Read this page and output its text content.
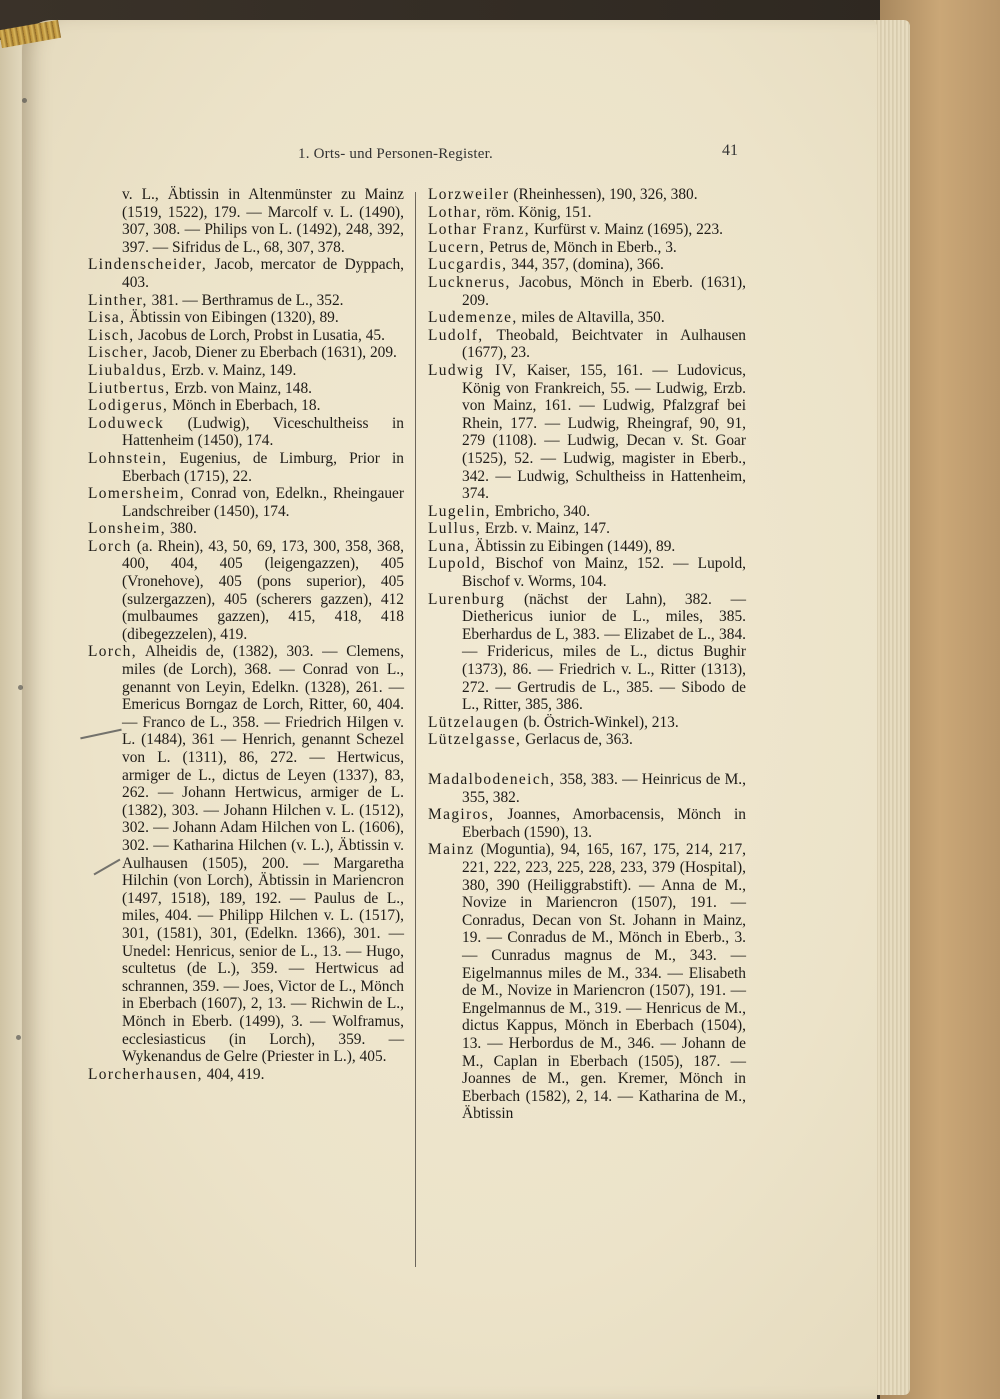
1. Orts- und Personen-Register.	41

v. L., Äbtissin in Altenmünster zu Mainz (1519, 1522), 179. — Marcolf v. L. (1490), 307, 308. — Philips von L. (1492), 248, 392, 397. — Sifridus de L., 68, 307, 378.

Lindenscheider, Jacob, mercator de Dyppach, 403.

Linther, 381. — Berthramus de L., 352.

Lisa, Äbtissin von Eibingen (1320), 89.

Lisch, Jacobus de Lorch, Probst in Lusatia, 45.

Lischer, Jacob, Diener zu Eberbach (1631), 209.

Liubaldus, Erzb. v. Mainz, 149.

Liutbertus, Erzb. von Mainz, 148.

Lodigerus, Mönch in Eberbach, 18.

Loduweck (Ludwig), Viceschultheiss in Hattenheim (1450), 174.

Lohnstein, Eugenius, de Limburg, Prior in Eberbach (1715), 22.

Lomersheim, Conrad von, Edelkn., Rheingauer Landschreiber (1450), 174.

Lonsheim, 380.

Lorch (a. Rhein), 43, 50, 69, 173, 300, 358, 368, 400, 404, 405 (leigengazzen), 405 (Vronehove), 405 (pons superior), 405 (sulzergazzen), 405 (scherers gazzen), 412 (mulbaumes gazzen), 415, 418, 418 (dibegezzelen), 419.

Lorch, Alheidis de, (1382), 303. — Clemens, miles (de Lorch), 368. — Conrad von L., genannt von Leyin, Edelkn. (1328), 261. — Emericus Borngaz de Lorch, Ritter, 60, 404. — Franco de L., 358. — Friedrich Hilgen v. L. (1484), 361 — Henrich, genannt Schezel von L. (1311), 86, 272. — Hertwicus, armiger de L., dictus de Leyen (1337), 83, 262. — Johann Hertwicus, armiger de L. (1382), 303. — Johann Hilchen v. L. (1512), 302. — Johann Adam Hilchen von L. (1606), 302. — Katharina Hilchen (v. L.), Äbtissin v. Aulhausen (1505), 200. — Margaretha Hilchin (von Lorch), Äbtissin in Mariencron (1497, 1518), 189, 192. — Paulus de L., miles, 404. — Philipp Hilchen v. L. (1517), 301, (1581), 301, (Edelkn. 1366), 301. — Unedel: Henricus, senior de L., 13. — Hugo, scultetus (de L.), 359. — Hertwicus ad schrannen, 359. — Joes, Victor de L., Mönch in Eberbach (1607), 2, 13. — Richwin de L., Mönch in Eberb. (1499), 3. — Wolframus, ecclesiasticus (in Lorch), 359. — Wykenandus de Gelre (Priester in L.), 405.

Lorcherhausen, 404, 419.

Lorzweiler (Rheinhessen), 190, 326, 380.

Lothar, röm. König, 151.

Lothar Franz, Kurfürst v. Mainz (1695), 223.

Lucern, Petrus de, Mönch in Eberb., 3.

Lucgardis, 344, 357, (domina), 366.

Lucknerus, Jacobus, Mönch in Eberb. (1631), 209.

Ludemenze, miles de Altavilla, 350.

Ludolf, Theobald, Beichtvater in Aulhausen (1677), 23.

Ludwig IV, Kaiser, 155, 161. — Ludovicus, König von Frankreich, 55. — Ludwig, Erzb. von Mainz, 161. — Ludwig, Pfalzgraf bei Rhein, 177. — Ludwig, Rheingraf, 90, 91, 279 (1108). — Ludwig, Decan v. St. Goar (1525), 52. — Ludwig, magister in Eberb., 342. — Ludwig, Schultheiss in Hattenheim, 374.

Lugelin, Embricho, 340.

Lullus, Erzb. v. Mainz, 147.

Luna, Äbtissin zu Eibingen (1449), 89.

Lupold, Bischof von Mainz, 152. — Lupold, Bischof v. Worms, 104.

Lurenburg (nächst der Lahn), 382. — Diethericus iunior de L., miles, 385. Eberhardus de L, 383. — Elizabet de L., 384. — Fridericus, miles de L., dictus Bughir (1373), 86. — Friedrich v. L., Ritter (1313), 272. — Gertrudis de L., 385. — Sibodo de L., Ritter, 385, 386.

Lützelaugen (b. Östrich-Winkel), 213.

Lützelgasse, Gerlacus de, 363.

Madalbodeneich, 358, 383. — Heinricus de M., 355, 382.

Magiros, Joannes, Amorbacensis, Mönch in Eberbach (1590), 13.

Mainz (Moguntia), 94, 165, 167, 175, 214, 217, 221, 222, 223, 225, 228, 233, 379 (Hospital), 380, 390 (Heiliggrabstift). — Anna de M., Novize in Mariencron (1507), 191. — Conradus, Decan von St. Johann in Mainz, 19. — Conradus de M., Mönch in Eberb., 3. — Cunradus magnus de M., 343. — Eigelmannus miles de M., 334. — Elisabeth de M., Novize in Mariencron (1507), 191. — Engelmannus de M., 319. — Henricus de M., dictus Kappus, Mönch in Eberbach (1504), 13. — Herbordus de M., 346. — Johann de M., Caplan in Eberbach (1505), 187. — Joannes de M., gen. Kremer, Mönch in Eberbach (1582), 2, 14. — Katharina de M., Äbtissin
